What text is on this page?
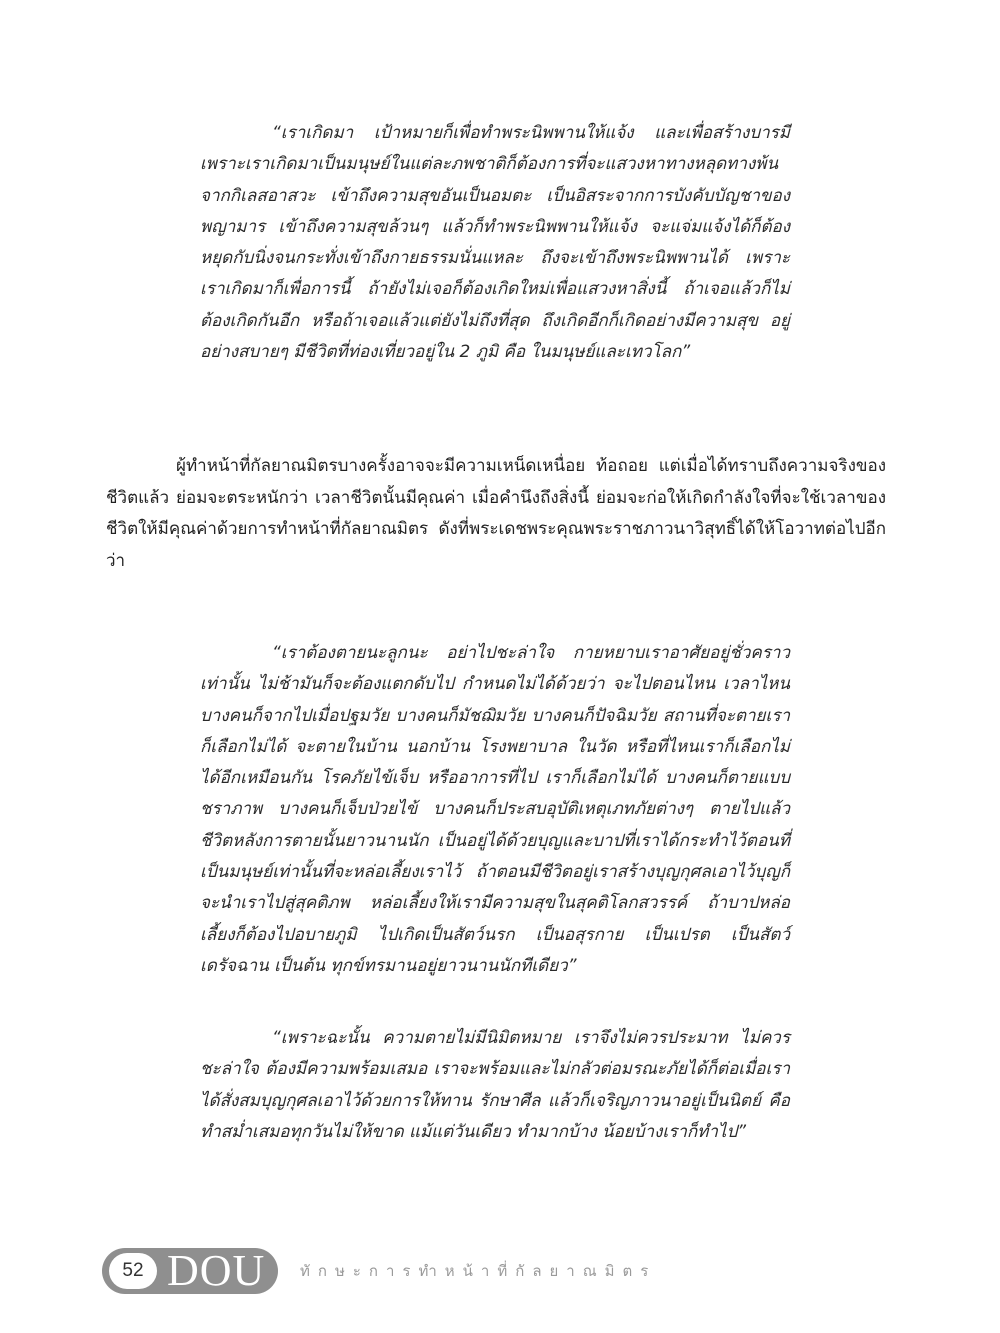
“เราเกิดมา เป้าหมายก็เพื่อทำพระนิพพานให้แจ้ง และเพื่อสร้างบารมี เพราะเราเกิดมาเป็นมนุษย์ในแต่ละภพชาติก็ต้องการที่จะแสวงหาทางหลุดทางพ้นจากกิเลสอาสวะ เข้าถึงความสุขอันเป็นอมตะ เป็นอิสระจากการบังคับบัญชาของพญามาร เข้าถึงความสุขล้วนๆ แล้วก็ทำพระนิพพานให้แจ้ง จะแจ่มแจ้งได้ก็ต้องหยุดกับนิ่งจนกระทั่งเข้าถึงกายธรรมนั่นแหละ ถึงจะเข้าถึงพระนิพพานได้ เพราะเราเกิดมาก็เพื่อการนี้ ถ้ายังไม่เจอก็ต้องเกิดใหม่เพื่อแสวงหาสิ่งนี้ ถ้าเจอแล้วก็ไม่ต้องเกิดกันอีก หรือถ้าเจอแล้วแต่ยังไม่ถึงที่สุด ถึงเกิดอีกก็เกิดอย่างมีความสุข อยู่อย่างสบายๆ มีชีวิตที่ท่องเที่ยวอยู่ใน 2 ภูมิ คือ ในมนุษย์และเทวโลก”

ผู้ทำหน้าที่กัลยาณมิตรบางครั้งอาจจะมีความเหน็ดเหนื่อย ท้อถอย แต่เมื่อได้ทราบถึงความจริงของชีวิตแล้ว ย่อมจะตระหนักว่า เวลาชีวิตนั้นมีคุณค่า เมื่อคำนึงถึงสิ่งนี้ ย่อมจะก่อให้เกิดกำลังใจที่จะใช้เวลาของชีวิตให้มีคุณค่าด้วยการทำหน้าที่กัลยาณมิตร ดังที่พระเดชพระคุณพระราชภาวนาวิสุทธิ์ได้ให้โอวาทต่อไปอีกว่า

“เราต้องตายนะลูกนะ อย่าไปชะล่าใจ กายหยาบเราอาศัยอยู่ชั่วคราวเท่านั้น ไม่ช้ามันก็จะต้องแตกดับไป กำหนดไม่ได้ด้วยว่า จะไปตอนไหน เวลาไหน บางคนก็จากไปเมื่อปฐมวัย บางคนก็มัชฌิมวัย บางคนก็ปัจฉิมวัย สถานที่จะตายเราก็เลือกไม่ได้ จะตายในบ้าน นอกบ้าน โรงพยาบาล ในวัด หรือที่ไหนเราก็เลือกไม่ได้อีกเหมือนกัน โรคภัยไข้เจ็บ หรืออาการที่ไป เราก็เลือกไม่ได้ บางคนก็ตายแบบชราภาพ บางคนก็เจ็บป่วยไข้ บางคนก็ประสบอุบัติเหตุเภทภัยต่างๆ ตายไปแล้ว ชีวิตหลังการตายนั้นยาวนานนัก เป็นอยู่ได้ด้วยบุญและบาปที่เราได้กระทำไว้ตอนที่เป็นมนุษย์เท่านั้นที่จะหล่อเลี้ยงเราไว้ ถ้าตอนมีชีวิตอยู่เราสร้างบุญกุศลเอาไว้บุญก็จะนำเราไปสู่สุคติภพ หล่อเลี้ยงให้เรามีความสุขในสุคติโลกสวรรค์ ถ้าบาปหล่อเลี้ยงก็ต้องไปอบายภูมิ ไปเกิดเป็นสัตว์นรก เป็นอสุรกาย เป็นเปรต เป็นสัตว์เดรัจฉาน เป็นต้น ทุกข์ทรมานอยู่ยาวนานนักทีเดียว”

“เพราะฉะนั้น ความตายไม่มีนิมิตหมาย เราจึงไม่ควรประมาท ไม่ควรชะล่าใจ ต้องมีความพร้อมเสมอ เราจะพร้อมและไม่กลัวต่อมรณะภัยได้ก็ต่อเมื่อเราได้สั่งสมบุญกุศลเอาไว้ด้วยการให้ทาน รักษาศีล แล้วก็เจริญภาวนาอยู่เป็นนิตย์ คือ ทำสม่ำเสมอทุกวันไม่ให้ขาด แม้แต่วันเดียว ทำมากบ้าง น้อยบ้างเราก็ทำไป”

52 DOU ทักษะการทำหน้าที่กัลยาณมิตร
